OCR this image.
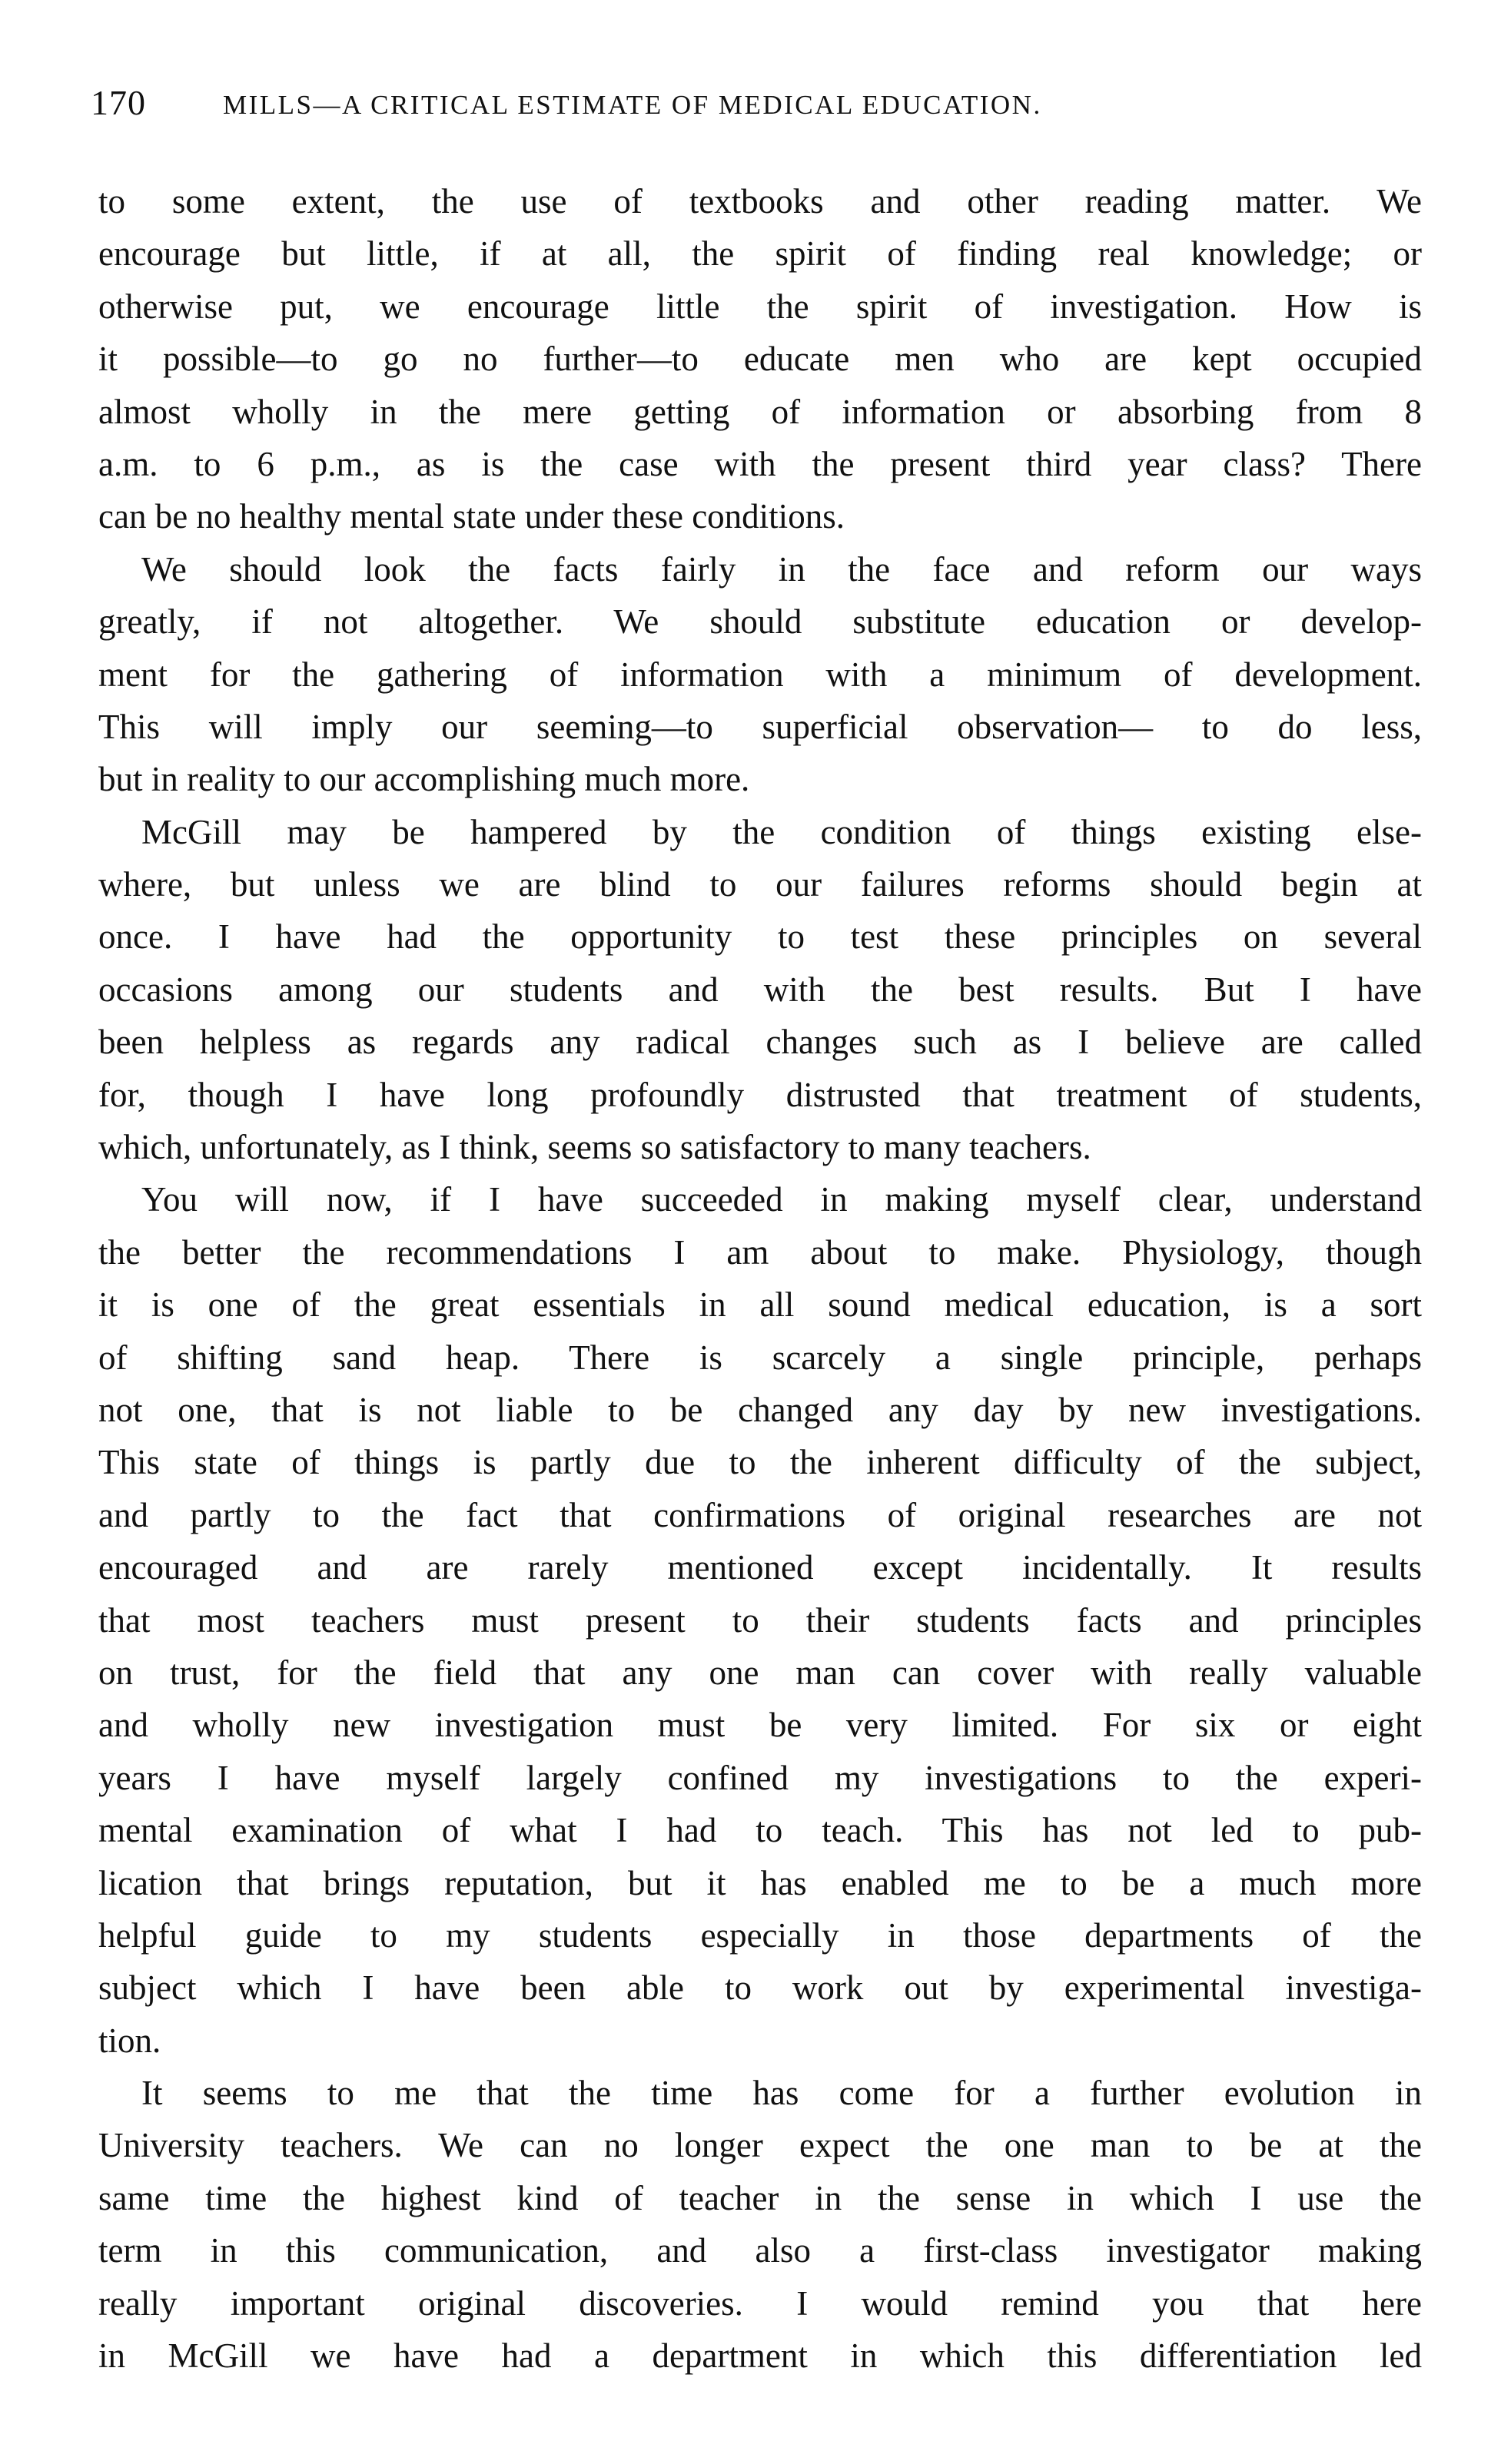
170	MILLS—A CRITICAL ESTIMATE OF MEDICAL EDUCATION.
to some extent, the use of textbooks and other reading matter. We
encourage but little, if at all, the spirit of finding real knowledge; or
otherwise put, we encourage little the spirit of investigation. How is
it possible—to go no further—to educate men who are kept occupied
almost wholly in the mere getting of information or absorbing from 8
a.m. to 6 p.m., as is the case with the present third year class? There
can be no healthy mental state under these conditions.
We should look the facts fairly in the face and reform our ways
greatly, if not altogether. We should substitute education or develop-
ment for the gathering of information with a minimum of development.
This will imply our seeming—to superficial observation— to do less,
but in reality to our accomplishing much more.
McGill may be hampered by the condition of things existing else-
where, but unless we are blind to our failures reforms should begin at
once. I have had the opportunity to test these principles on several
occasions among our students and with the best results. But I have
been helpless as regards any radical changes such as I believe are called
for, though I have long profoundly distrusted that treatment of students,
which, unfortunately, as I think, seems so satisfactory to many teachers.
You will now, if I have succeeded in making myself clear, understand
the better the recommendations I am about to make. Physiology, though
it is one of the great essentials in all sound medical education, is a sort
of shifting sand heap. There is scarcely a single principle, perhaps
not one, that is not liable to be changed any day by new investigations.
This state of things is partly due to the inherent difficulty of the subject,
and partly to the fact that confirmations of original researches are not
encouraged and are rarely mentioned except incidentally. It results
that most teachers must present to their students facts and principles
on trust, for the field that any one man can cover with really valuable
and wholly new investigation must be very limited. For six or eight
years I have myself largely confined my investigations to the experi-
mental examination of what I had to teach. This has not led to pub-
lication that brings reputation, but it has enabled me to be a much more
helpful guide to my students especially in those departments of the
subject which I have been able to work out by experimental investiga-
tion.
It seems to me that the time has come for a further evolution in
University teachers. We can no longer expect the one man to be at the
same time the highest kind of teacher in the sense in which I use the
term in this communication, and also a first-class investigator making
really important original discoveries. I would remind you that here
in McGill we have had a department in which this differentiation led
